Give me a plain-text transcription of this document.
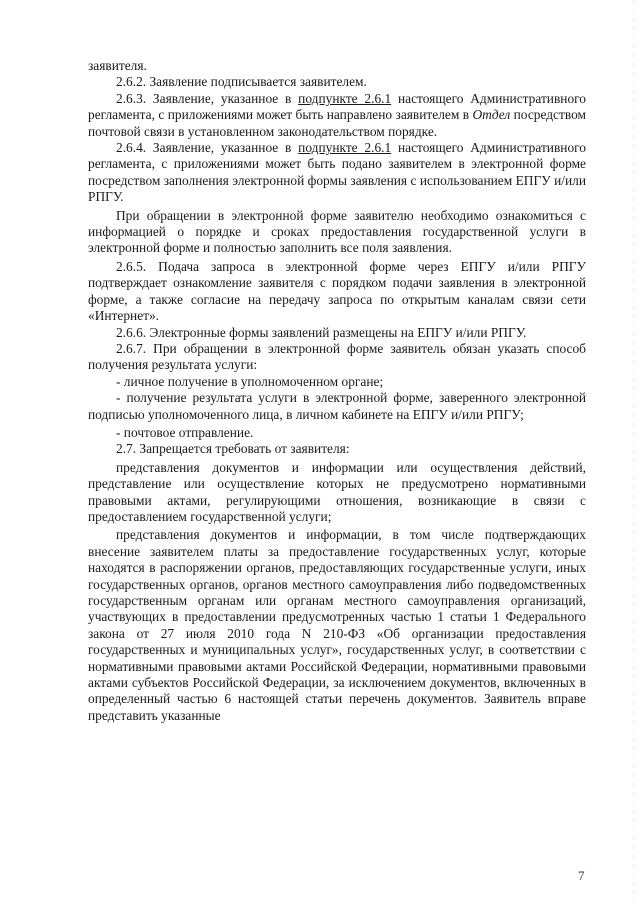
заявителя.

2.6.2. Заявление подписывается заявителем.

2.6.3. Заявление, указанное в подпункте 2.6.1 настоящего Административного регламента, с приложениями может быть направлено заявителем в Отдел посредством почтовой связи в установленном законодательством порядке.

2.6.4. Заявление, указанное в подпункте 2.6.1 настоящего Административного регламента, с приложениями может быть подано заявителем в электронной форме посредством заполнения электронной формы заявления с использованием ЕПГУ и/или РПГУ.

При обращении в электронной форме заявителю необходимо ознакомиться с информацией о порядке и сроках предоставления государственной услуги в электронной форме и полностью заполнить все поля заявления.

2.6.5. Подача запроса в электронной форме через ЕПГУ и/или РПГУ подтверждает ознакомление заявителя с порядком подачи заявления в электронной форме, а также согласие на передачу запроса по открытым каналам связи сети «Интернет».

2.6.6. Электронные формы заявлений размещены на ЕПГУ и/или РПГУ.

2.6.7. При обращении в электронной форме заявитель обязан указать способ получения результата услуги:

- личное получение в уполномоченном органе;

- получение результата услуги в электронной форме, заверенного электронной подписью уполномоченного лица, в личном кабинете на ЕПГУ и/или РПГУ;

- почтовое отправление.

2.7. Запрещается требовать от заявителя:

представления документов и информации или осуществления действий, представление или осуществление которых не предусмотрено нормативными правовыми актами, регулирующими отношения, возникающие в связи с предоставлением государственной услуги;

представления документов и информации, в том числе подтверждающих внесение заявителем платы за предоставление государственных услуг, которые находятся в распоряжении органов, предоставляющих государственные услуги, иных государственных органов, органов местного самоуправления либо подведомственных государственным органам или органам местного самоуправления организаций, участвующих в предоставлении предусмотренных частью 1 статьи 1 Федерального закона от 27 июля 2010 года N 210-ФЗ «Об организации предоставления государственных и муниципальных услуг», государственных услуг, в соответствии с нормативными правовыми актами Российской Федерации, нормативными правовыми актами субъектов Российской Федерации, за исключением документов, включенных в определенный частью 6 настоящей статьи перечень документов. Заявитель вправе представить указанные

7
